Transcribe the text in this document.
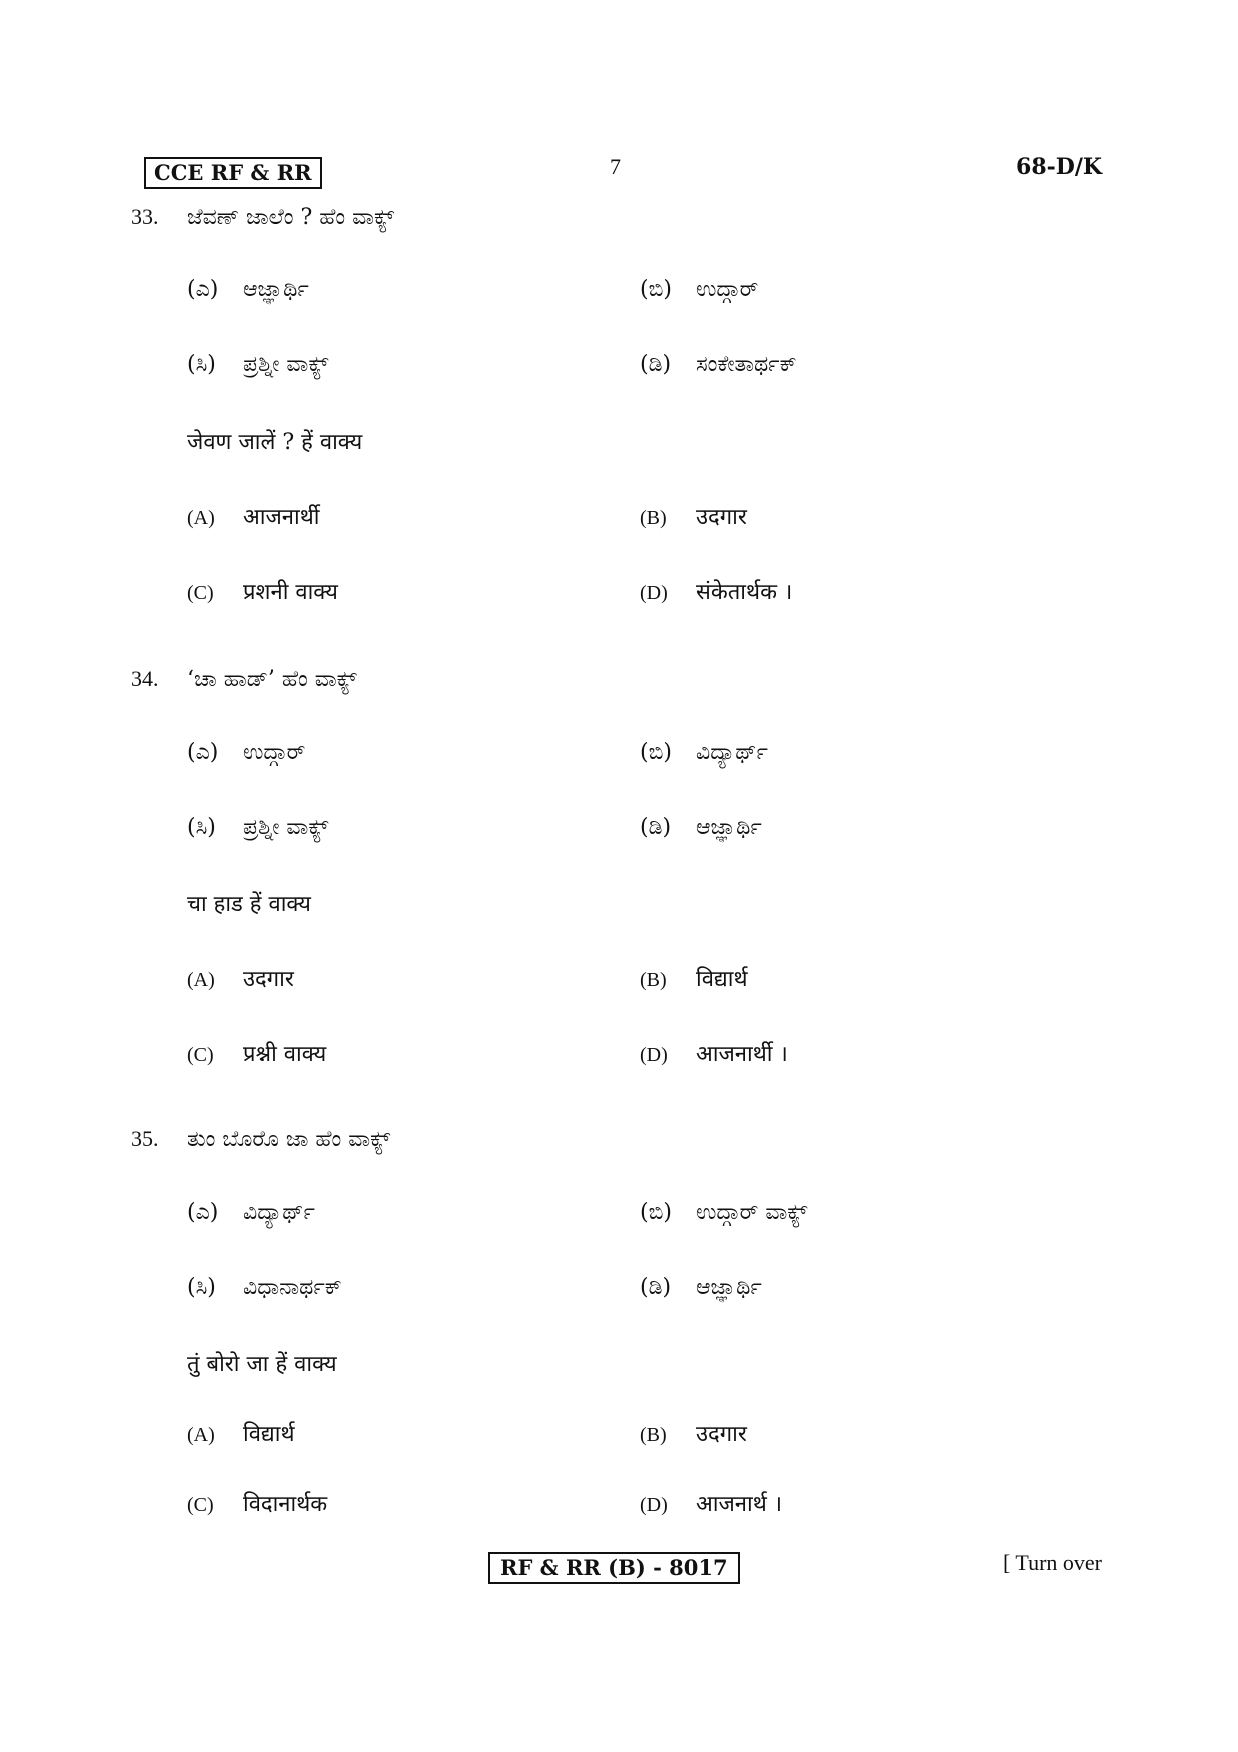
CCE RF & RR	7	68-D/K
33. ಜೆವಣ್ ಜಾಲೆಂ ? ಹೆಂ ವಾಕ್ಯ್
(ಎ) ಆಜ್ಞಾರ್ಥಿ	(ಬಿ) ಉದ್ಗಾರ್
(ಸಿ) ಪ್ರಶ್ನೀ ವಾಕ್ಯ್	(ಡಿ) ಸಂಕೇತಾರ್ಥಕ್
जेवण जालें ? हें वाक्य
(A) आजनार्थी	(B) उदगार
(C) प्रशनी वाक्य	(D) संकेतार्थक ।
34. ‘ಚಾ ಹಾಡ್’ ಹೆಂ ವಾಕ್ಯ್
(ಎ) ಉದ್ಗಾರ್	(ಬಿ) ವಿದ್ಯಾರ್ಥ್
(ಸಿ) ಪ್ರಶ್ನೀ ವಾಕ್ಯ್	(ಡಿ) ಆಜ್ಞಾರ್ಥಿ
चा हाड हें वाक्य
(A) उदगार	(B) विद्यार्थ
(C) प्रश्नी वाक्य	(D) आजनार्थी ।
35. ತುಂ ಬೊರೊ ಜಾ ಹೆಂ ವಾಕ್ಯ್
(ಎ) ವಿದ್ಯಾರ್ಥ್	(ಬಿ) ಉದ್ಗಾರ್ ವಾಕ್ಯ್
(ಸಿ) ವಿಧಾನಾರ್ಥಕ್	(ಡಿ) ಆಜ್ಞಾರ್ಥಿ
तुं बोरो जा हें वाक्य
(A) विद्यार्थ	(B) उदगार
(C) विदानार्थक	(D) आजनार्थ ।
RF & RR (B) - 8017	[ Turn over
